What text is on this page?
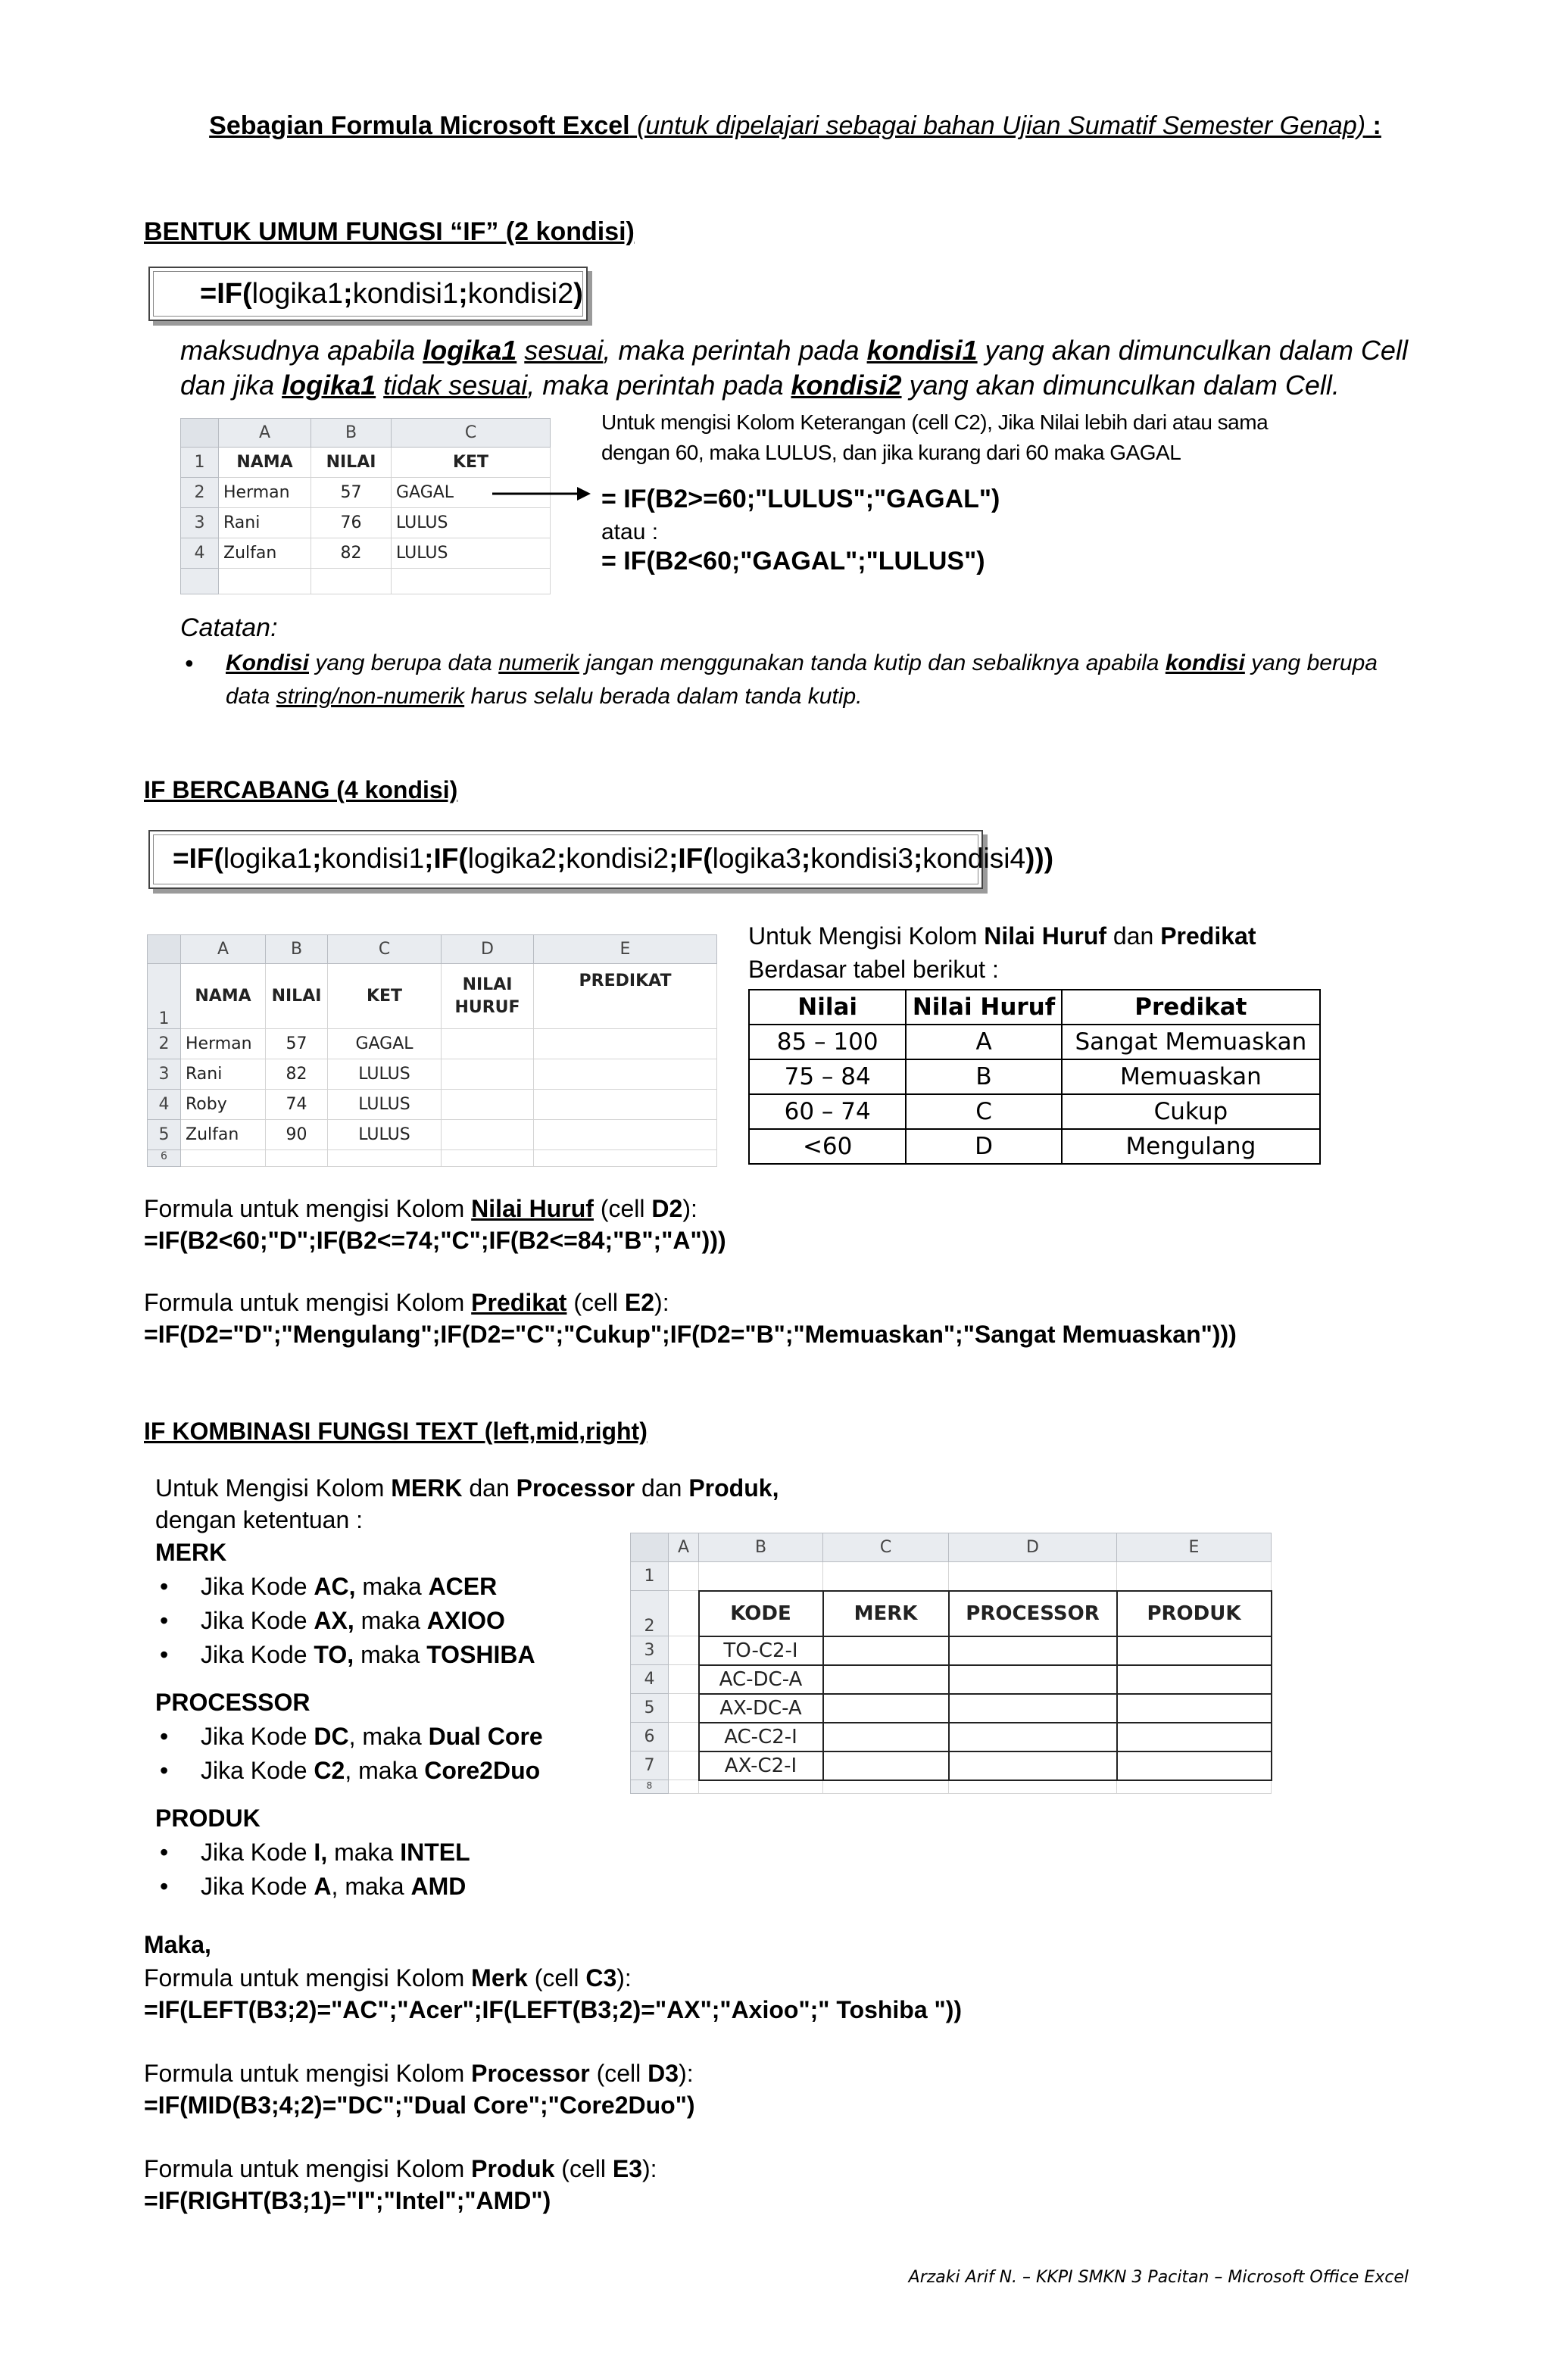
Sebagian Formula Microsoft Excel (untuk dipelajari sebagai bahan Ujian Sumatif Semester Genap) :
BENTUK UMUM FUNGSI “IF” (2 kondisi)
=IF(logika1;kondisi1;kondisi2)
maksudnya apabila logika1 sesuai, maka perintah pada kondisi1 yang akan dimunculkan dalam Cell
dan jika logika1 tidak sesuai, maka perintah pada kondisi2 yang akan dimunculkan dalam Cell.
	A	B	C
1	NAMA	NILAI	KET
2	Herman	57	GAGAL
3	Rani	76	LULUS
4	Zulfan	82	LULUS

Untuk mengisi Kolom Keterangan (cell C2), Jika Nilai lebih dari atau sama
dengan 60, maka LULUS, dan jika kurang dari 60 maka GAGAL
= IF(B2>=60;"LULUS";"GAGAL")
atau :
= IF(B2<60;"GAGAL";"LULUS")
Catatan:
• Kondisi yang berupa data numerik jangan menggunakan tanda kutip dan sebaliknya apabila kondisi yang berupa
data string/non-numerik harus selalu berada dalam tanda kutip.
IF BERCABANG (4 kondisi)
=IF(logika1;kondisi1;IF(logika2;kondisi2;IF(logika3;kondisi3;kondisi4)))
	A	B	C	D	E
1	NAMA	NILAI	KET	NILAI HURUF	PREDIKAT
2	Herman	57	GAGAL		
3	Rani	82	LULUS		
4	Roby	74	LULUS		
5	Zulfan	90	LULUS		
6					
Untuk Mengisi Kolom Nilai Huruf dan Predikat
Berdasar tabel berikut :
Nilai	Nilai Huruf	Predikat
85 – 100	A	Sangat Memuaskan
75 – 84	B	Memuaskan
60 – 74	C	Cukup
<60	D	Mengulang
Formula untuk mengisi Kolom Nilai Huruf (cell D2):
=IF(B2<60;"D";IF(B2<=74;"C";IF(B2<=84;"B";"A")))
Formula untuk mengisi Kolom Predikat (cell E2):
=IF(D2="D";"Mengulang";IF(D2="C";"Cukup";IF(D2="B";"Memuaskan";"Sangat Memuaskan")))
IF KOMBINASI FUNGSI TEXT (left,mid,right)
Untuk Mengisi Kolom MERK dan Processor dan Produk,
dengan ketentuan :
MERK
• Jika Kode AC, maka ACER
• Jika Kode AX, maka AXIOO
• Jika Kode TO, maka TOSHIBA
PROCESSOR
• Jika Kode DC, maka Dual Core
• Jika Kode C2, maka Core2Duo
PRODUK
• Jika Kode I, maka INTEL
• Jika Kode A, maka AMD
	A	B	C	D	E
1					
2		KODE	MERK	PROCESSOR	PRODUK
3		TO-C2-I			
4		AC-DC-A			
5		AX-DC-A			
6		AC-C2-I			
7		AX-C2-I			
8					
Maka,
Formula untuk mengisi Kolom Merk (cell C3):
=IF(LEFT(B3;2)="AC";"Acer";IF(LEFT(B3;2)="AX";"Axioo";" Toshiba "))
Formula untuk mengisi Kolom Processor (cell D3):
=IF(MID(B3;4;2)="DC";"Dual Core";"Core2Duo")
Formula untuk mengisi Kolom Produk (cell E3):
=IF(RIGHT(B3;1)="I";"Intel";"AMD")
Arzaki Arif N. – KKPI SMKN 3 Pacitan – Microsoft Office Excel
